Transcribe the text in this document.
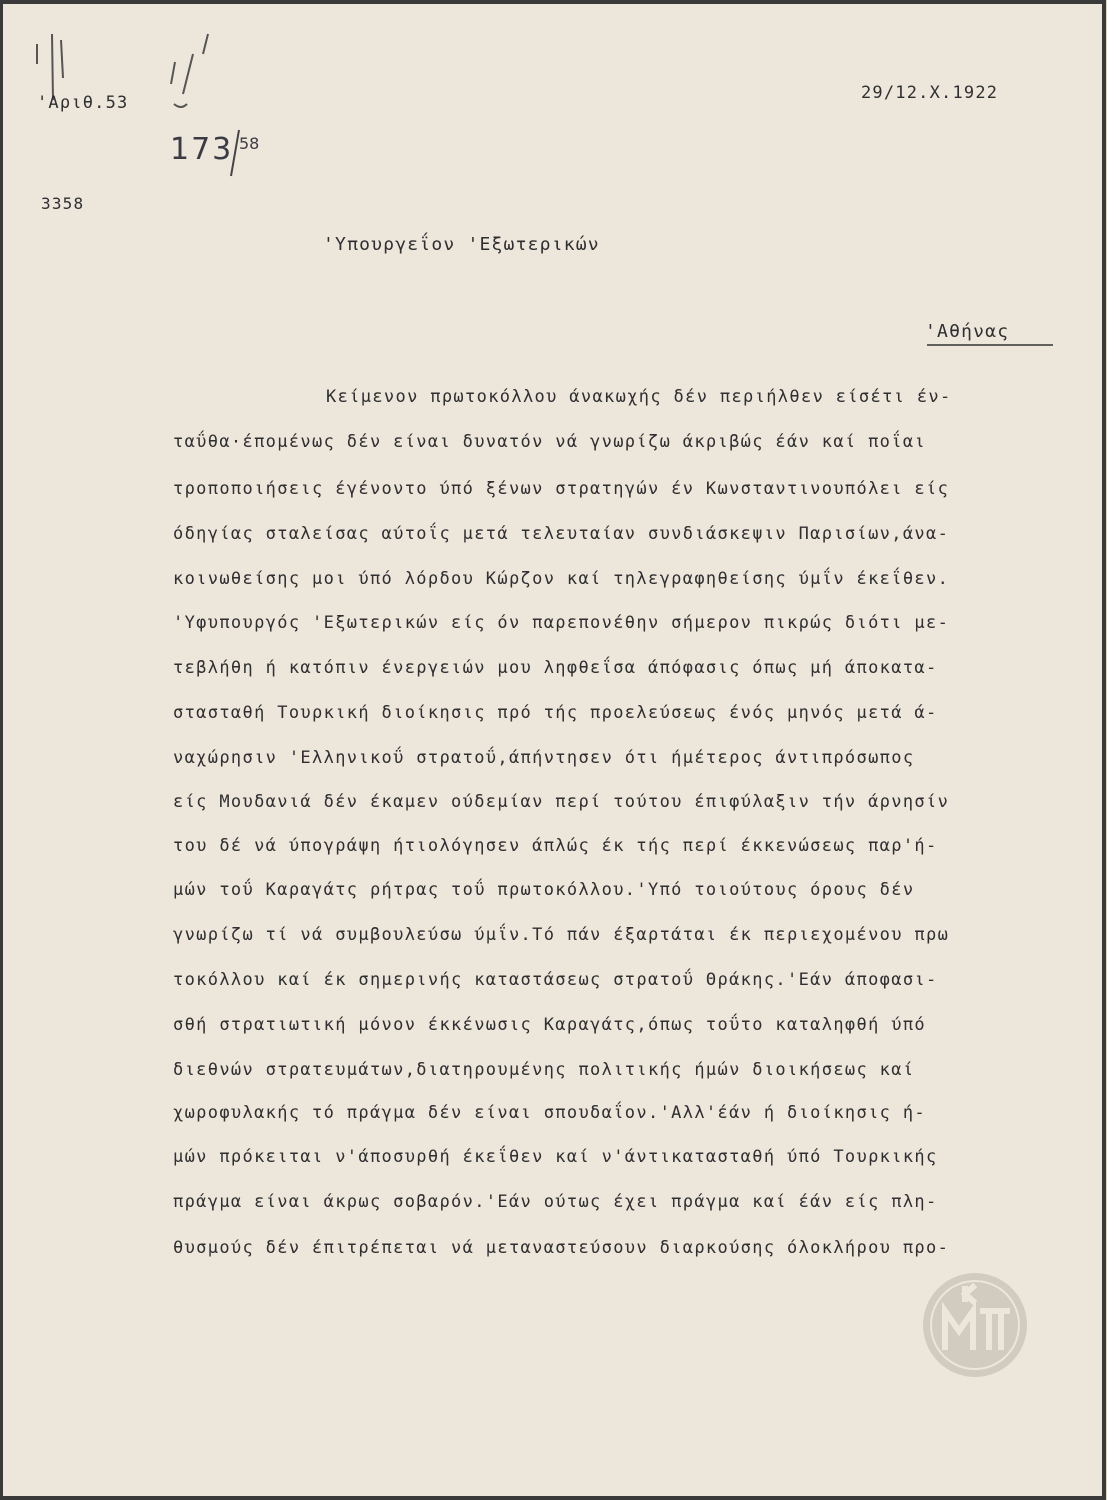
'Αριθ.53	29/12.X.1922
173 58
3358
'Υπουργεΐον 'Εξωτερικών
'Αθήνας
Κείμενον πρωτοκόλλου άνακωχής δέν περιήλθεν είσέτι έν-
ταΰθα·έπομένως δέν είναι δυνατόν νά γνωρίζω άκριβώς έάν καί ποΐαι
τροποποιήσεις έγένοντο ύπό ξένων στρατηγών έν Κωνσταντινουπόλει είς
όδηγίας σταλείσας αύτοΐς μετά τελευταίαν συνδιάσκεψιν Παρισίων,άνα-
κοινωθείσης μοι ύπό λόρδου Κώρζον καί τηλεγραφηθείσης ύμΐν έκεΐθεν.
'Υφυπουργός 'Εξωτερικών είς όν παρεπονέθην σήμερον πικρώς διότι με-
τεβλήθη ή κατόπιν ένεργειών μου ληφθεΐσα άπόφασις όπως μή άποκατα-
στασταθή Τουρκική διοίκησις πρό τής προελεύσεως ένός μηνός μετά ά-
ναχώρησιν 'Ελληνικοΰ στρατοΰ,άπήντησεν ότι ήμέτερος άντιπρόσωπος
είς Μουδανιά δέν έκαμεν ούδεμίαν περί τούτου έπιφύλαξιν τήν άρνησίν
του δέ νά ύπογράψη ήτιολόγησεν άπλώς έκ τής περί έκκενώσεως παρ'ή-
μών τοΰ Καραγάτς ρήτρας τοΰ πρωτοκόλλου.'Υπό τοιούτους όρους δέν
γνωρίζω τί νά συμβουλεύσω ύμΐν.Τό πάν έξαρτάται έκ περιεχομένου πρω
τοκόλλου καί έκ σημερινής καταστάσεως στρατοΰ Θράκης.'Εάν άποφασι-
σθή στρατιωτική μόνον έκκένωσις Καραγάτς,όπως τοΰτο καταληφθή ύπό
διεθνών στρατευμάτων,διατηρουμένης πολιτικής ήμών διοικήσεως καί
χωροφυλακής τό πράγμα δέν είναι σπουδαΐον.'Αλλ'έάν ή διοίκησις ή-
μών πρόκειται ν'άποσυρθή έκεΐθεν καί ν'άντικατασταθή ύπό Τουρκικής
πράγμα είναι άκρως σοβαρόν.'Εάν ούτως έχει πράγμα καί έάν είς πλη-
θυσμούς δέν έπιτρέπεται νά μεταναστεύσουν διαρκούσης όλοκλήρου προ-
